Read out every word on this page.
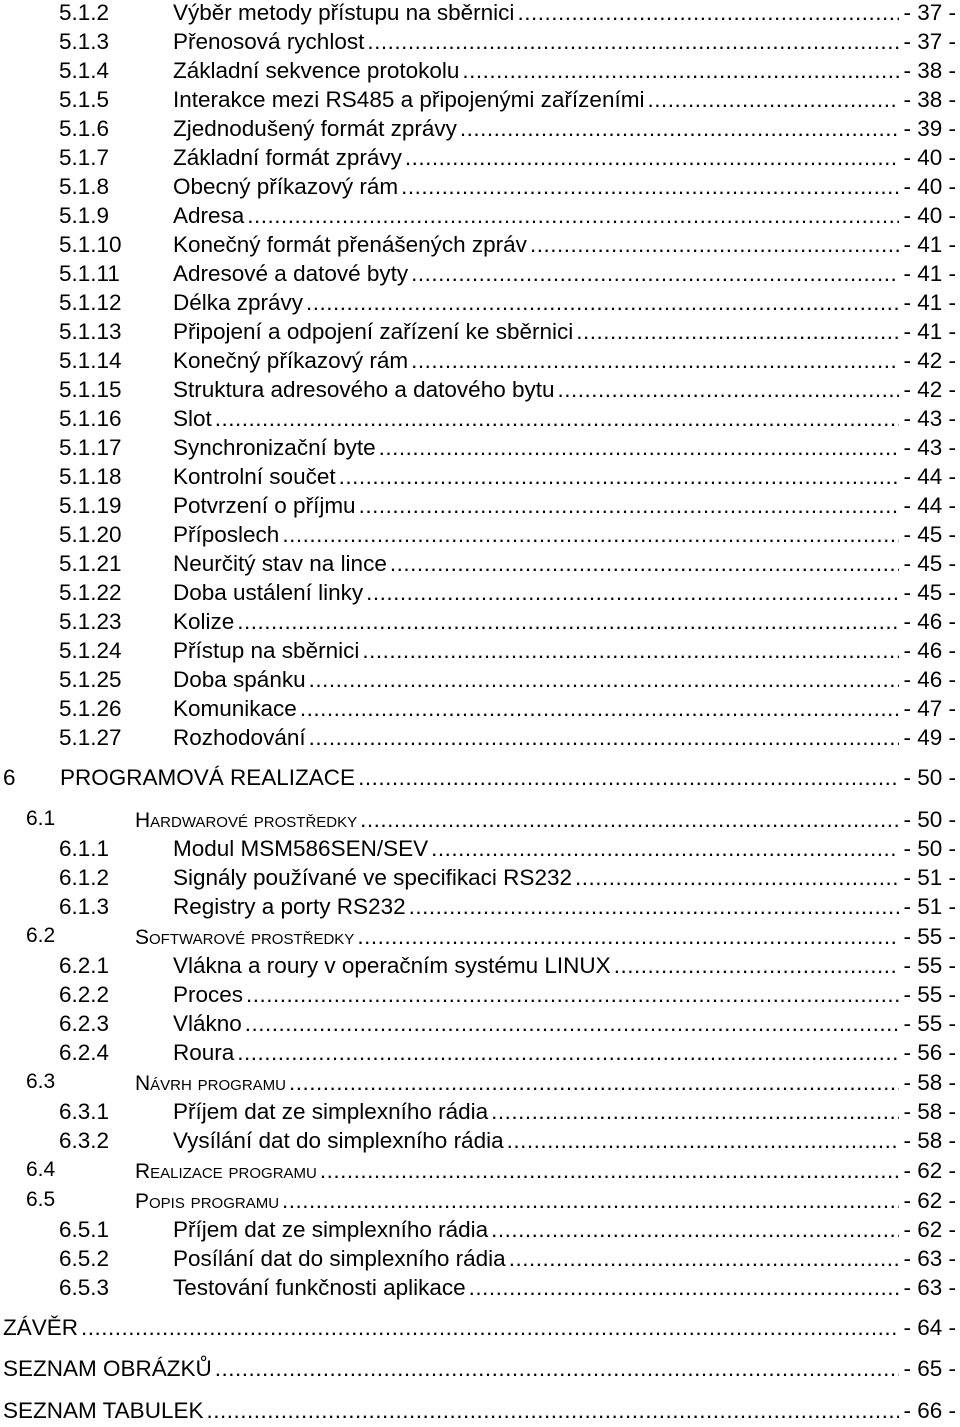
5.1.2	Výběr metody přístupu na sběrnici .....	- 37 -
5.1.3	Přenosová rychlost .....	- 37 -
5.1.4	Základní sekvence protokolu .....	- 38 -
5.1.5	Interakce mezi RS485 a připojenými zařízeními .....	- 38 -
5.1.6	Zjednodušený formát zprávy .....	- 39 -
5.1.7	Základní formát zprávy .....	- 40 -
5.1.8	Obecný příkazový rám .....	- 40 -
5.1.9	Adresa .....	- 40 -
5.1.10 Konečný formát přenášených zpráv .....	- 41 -
5.1.11 Adresové a datové byty .....	- 41 -
5.1.12 Délka zprávy .....	- 41 -
5.1.13 Připojení a odpojení zařízení ke sběrnici .....	- 41 -
5.1.14 Konečný příkazový rám .....	- 42 -
5.1.15 Struktura adresového a datového bytu .....	- 42 -
5.1.16 Slot .....	- 43 -
5.1.17 Synchronizační byte .....	- 43 -
5.1.18 Kontrolní součet .....	- 44 -
5.1.19 Potvrzení o příjmu .....	- 44 -
5.1.20 Příposlech .....	- 45 -
5.1.21 Neurčitý stav na lince .....	- 45 -
5.1.22 Doba ustálení linky .....	- 45 -
5.1.23 Kolize .....	- 46 -
5.1.24 Přístup na sběrnici .....	- 46 -
5.1.25 Doba spánku .....	- 46 -
5.1.26 Komunikace .....	- 47 -
5.1.27 Rozhodování .....	- 49 -
6 PROGRAMOVÁ REALIZACE .....	- 50 -
6.1	Hardwarové prostředky .....	- 50 -
6.1.1	Modul MSM586SEN/SEV .....	- 50 -
6.1.2	Signály používané ve specifikaci RS232 .....	- 51 -
6.1.3	Registry a porty RS232 .....	- 51 -
6.2	Softwarové prostředky .....	- 55 -
6.2.1	Vlákna a roury v operačním systému LINUX .....	- 55 -
6.2.2	Proces .....	- 55 -
6.2.3	Vlákno .....	- 55 -
6.2.4	Roura .....	- 56 -
6.3	Návrh programu .....	- 58 -
6.3.1	Příjem dat ze simplexního rádia .....	- 58 -
6.3.2	Vysílání dat do simplexního rádia .....	- 58 -
6.4	Realizace programu .....	- 62 -
6.5	Popis programu .....	- 62 -
6.5.1	Příjem dat ze simplexního rádia .....	- 62 -
6.5.2	Posílání dat do simplexního rádia .....	- 63 -
6.5.3	Testování funkčnosti aplikace .....	- 63 -
ZÁVĚR .....	- 64 -
SEZNAM OBRÁZKŮ .....	- 65 -
SEZNAM TABULEK .....	- 66 -
